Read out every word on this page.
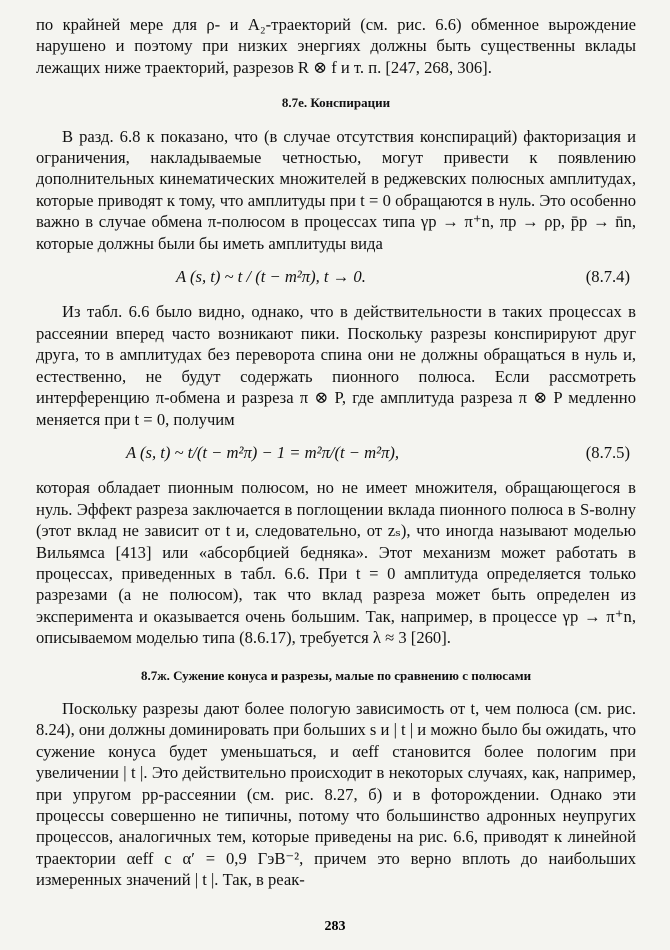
по крайней мере для ρ- и A₂-траекторий (см. рис. 6.6) обменное вырождение нарушено и поэтому при низких энергиях должны быть существенны вклады лежащих ниже траекторий, разрезов R ⊗ f и т. п. [247, 268, 306].

8.7е. Конспирации

В разд. 6.8 к показано, что (в случае отсутствия конспираций) факторизация и ограничения, накладываемые четностью, могут привести к появлению дополнительных кинематических множителей в реджевских полюсных амплитудах, которые приводят к тому, что амплитуды при t = 0 обращаются в нуль. Это особенно важно в случае обмена π-полюсом в процессах типа γp → π⁺n, πp → ρp, p̄p → n̄n, которые должны были бы иметь амплитуды вида

A (s, t) ~ t / (t − m²π), t → 0.	(8.7.4)

Из табл. 6.6 было видно, однако, что в действительности в таких процессах в рассеянии вперед часто возникают пики. Поскольку разрезы конспирируют друг друга, то в амплитудах без переворота спина они не должны обращаться в нуль и, естественно, не будут содержать пионного полюса. Если рассмотреть интерференцию π-обмена и разреза π ⊗ P, где амплитуда разреза π ⊗ P медленно меняется при t = 0, получим

A (s, t) ~ t/(t − m²π) − 1 = m²π/(t − m²π),	(8.7.5)

которая обладает пионным полюсом, но не имеет множителя, обращающегося в нуль. Эффект разреза заключается в поглощении вклада пионного полюса в S-волну (этот вклад не зависит от t и, следовательно, от zₛ), что иногда называют моделью Вильямса [413] или «абсорбцией бедняка». Этот механизм может работать в процессах, приведенных в табл. 6.6. При t = 0 амплитуда определяется только разрезами (а не полюсом), так что вклад разреза может быть определен из эксперимента и оказывается очень большим. Так, например, в процессе γp → π⁺n, описываемом моделью типа (8.6.17), требуется λ ≈ 3 [260].

8.7ж. Сужение конуса и разрезы, малые по сравнению с полюсами

Поскольку разрезы дают более пологую зависимость от t, чем полюса (см. рис. 8.24), они должны доминировать при больших s и | t | и можно было бы ожидать, что сужение конуса будет уменьшаться, и αeff становится более пологим при увеличении | t |. Это действительно происходит в некоторых случаях, как, например, при упругом pp-рассеянии (см. рис. 8.27, б) и в фоторождении. Однако эти процессы совершенно не типичны, потому что большинство адронных неупругих процессов, аналогичных тем, которые приведены на рис. 6.6, приводят к линейной траектории αeff с α′ = 0,9 ГэВ⁻², причем это верно вплоть до наибольших измеренных значений | t |. Так, в реак-

283
